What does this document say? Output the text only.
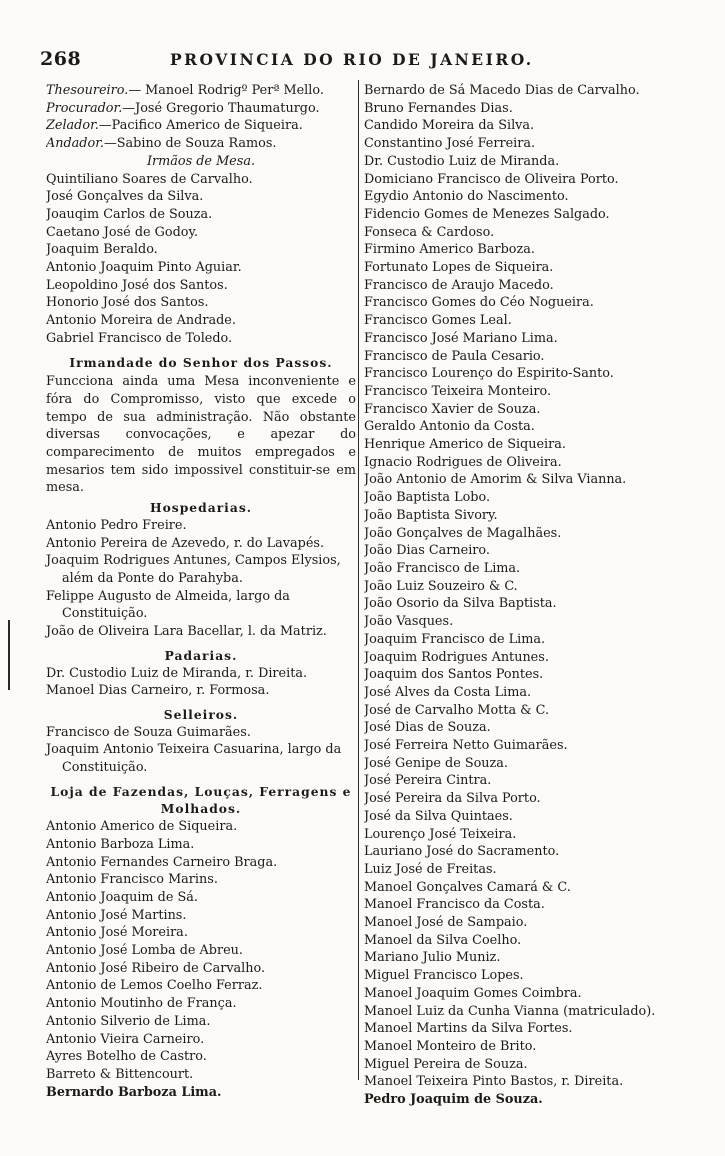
268	PROVINCIA DO RIO DE JANEIRO.
Thesoureiro.— Manoel Rodrigº Perª Mello.
Procurador.—José Gregorio Thaumaturgo.
Zelador.—Pacifico Americo de Siqueira.
Andador.—Sabino de Souza Ramos.
Irmãos de Mesa.
Quintiliano Soares de Carvalho.
José Gonçalves da Silva.
Joauqim Carlos de Souza.
Caetano José de Godoy.
Joaquim Beraldo.
Antonio Joaquim Pinto Aguiar.
Leopoldino José dos Santos.
Honorio José dos Santos.
Antonio Moreira de Andrade.
Gabriel Francisco de Toledo.
Irmandade do Senhor dos Passos.
Funcciona ainda uma Mesa inconveniente e fóra do Compromisso, visto que excede o tempo de sua administração. Não obstante diversas convocações, e apezar do comparecimento de muitos empregados e mesarios tem sido impossivel constituir-se em mesa.
Hospedarias.
Antonio Pedro Freire.
Antonio Pereira de Azevedo, r. do Lavapés.
Joaquim Rodrigues Antunes, Campos Elysios, além da Ponte do Parahyba.
Felippe Augusto de Almeida, largo da Constituição.
João de Oliveira Lara Bacellar, l. da Matriz.
Padarias.
Dr. Custodio Luiz de Miranda, r. Direita.
Manoel Dias Carneiro, r. Formosa.
Selleiros.
Francisco de Souza Guimarães.
Joaquim Antonio Teixeira Casuarina, largo da Constituição.
Loja de Fazendas, Louças, Ferragens e Molhados.
Antonio Americo de Siqueira.
Antonio Barboza Lima.
Antonio Fernandes Carneiro Braga.
Antonio Francisco Marins.
Antonio Joaquim de Sá.
Antonio José Martins.
Antonio José Moreira.
Antonio José Lomba de Abreu.
Antonio José Ribeiro de Carvalho.
Antonio de Lemos Coelho Ferraz.
Antonio Moutinho de França.
Antonio Silverio de Lima.
Antonio Vieira Carneiro.
Ayres Botelho de Castro.
Barreto & Bittencourt.
Bernardo Barboza Lima.
Bernardo de Sá Macedo Dias de Carvalho.
Bruno Fernandes Dias.
Candido Moreira da Silva.
Constantino José Ferreira.
Dr. Custodio Luiz de Miranda.
Domiciano Francisco de Oliveira Porto.
Egydio Antonio do Nascimento.
Fidencio Gomes de Menezes Salgado.
Fonseca & Cardoso.
Firmino Americo Barboza.
Fortunato Lopes de Siqueira.
Francisco de Araujo Macedo.
Francisco Gomes do Céo Nogueira.
Francisco Gomes Leal.
Francisco José Mariano Lima.
Francisco de Paula Cesario.
Francisco Lourenço do Espirito-Santo.
Francisco Teixeira Monteiro.
Francisco Xavier de Souza.
Geraldo Antonio da Costa.
Henrique Americo de Siqueira.
Ignacio Rodrigues de Oliveira.
João Antonio de Amorim & Silva Vianna.
João Baptista Lobo.
João Baptista Sivory.
João Gonçalves de Magalhães.
João Dias Carneiro.
João Francisco de Lima.
João Luiz Souzeiro & C.
João Osorio da Silva Baptista.
João Vasques.
Joaquim Francisco de Lima.
Joaquim Rodrigues Antunes.
Joaquim dos Santos Pontes.
José Alves da Costa Lima.
José de Carvalho Motta & C.
José Dias de Souza.
José Ferreira Netto Guimarães.
José Genipe de Souza.
José Pereira Cintra.
José Pereira da Silva Porto.
José da Silva Quintaes.
Lourenço José Teixeira.
Lauriano José do Sacramento.
Luiz José de Freitas.
Manoel Gonçalves Camará & C.
Manoel Francisco da Costa.
Manoel José de Sampaio.
Manoel da Silva Coelho.
Mariano Julio Muniz.
Miguel Francisco Lopes.
Manoel Joaquim Gomes Coimbra.
Manoel Luiz da Cunha Vianna (matriculado).
Manoel Martins da Silva Fortes.
Manoel Monteiro de Brito.
Miguel Pereira de Souza.
Manoel Teixeira Pinto Bastos, r. Direita.
Pedro Joaquim de Souza.
